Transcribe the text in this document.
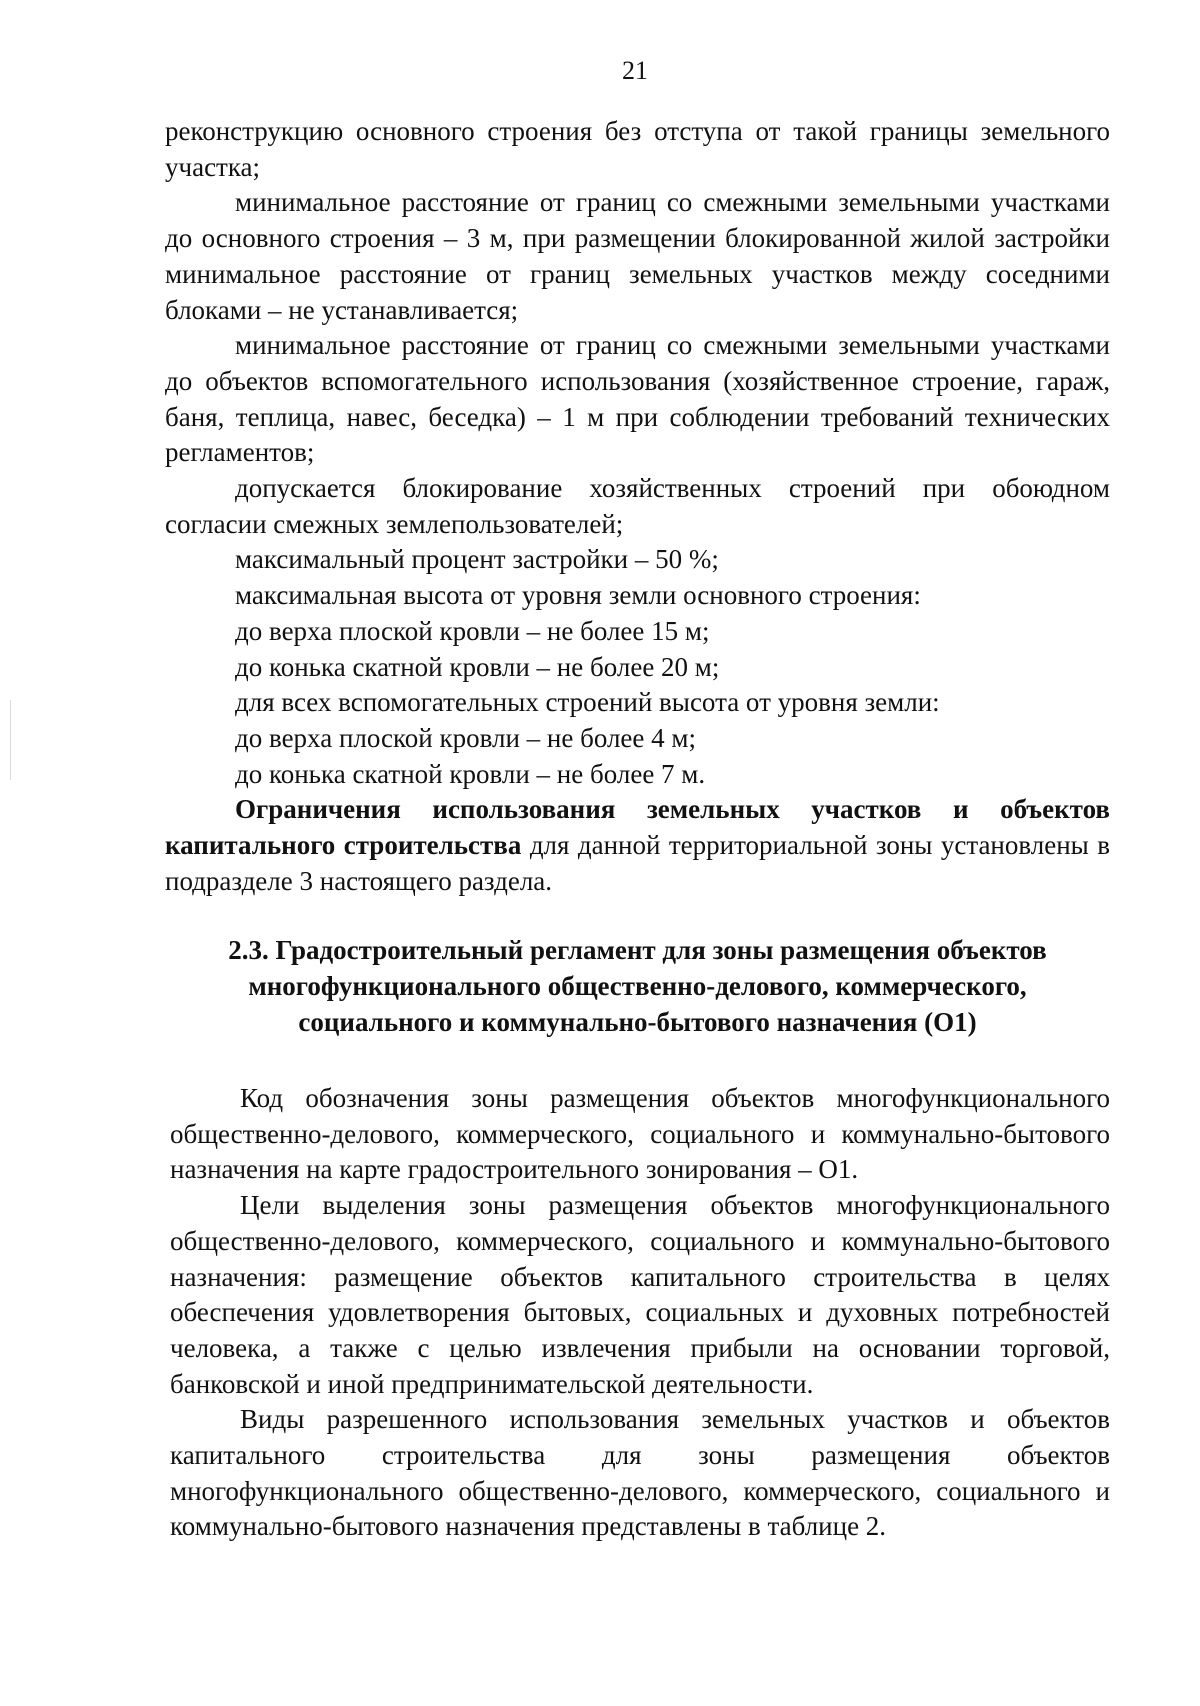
21

реконструкцию основного строения без отступа от такой границы земельного участка;

минимальное расстояние от границ со смежными земельными участками до основного строения – 3 м, при размещении блокированной жилой застройки минимальное расстояние от границ земельных участков между соседними блоками – не устанавливается;

минимальное расстояние от границ со смежными земельными участками до объектов вспомогательного использования (хозяйственное строение, гараж, баня, теплица, навес, беседка) – 1 м при соблюдении требований технических регламентов;

допускается блокирование хозяйственных строений при обоюдном согласии смежных землепользователей;

максимальный процент застройки – 50 %;

максимальная высота от уровня земли основного строения:

до верха плоской кровли – не более 15 м;

до конька скатной кровли – не более 20 м;

для всех вспомогательных строений высота от уровня земли:

до верха плоской кровли – не более 4 м;

до конька скатной кровли – не более 7 м.

Ограничения использования земельных участков и объектов капитального строительства для данной территориальной зоны установлены в подразделе 3 настоящего раздела.

2.3. Градостроительный регламент для зоны размещения объектов
многофункционального общественно-делового, коммерческого,
социального и коммунально-бытового назначения (О1)

Код обозначения зоны размещения объектов многофункционального общественно-делового, коммерческого, социального и коммунально-бытового назначения на карте градостроительного зонирования – О1.

Цели выделения зоны размещения объектов многофункционального общественно-делового, коммерческого, социального и коммунально-бытового назначения: размещение объектов капитального строительства в целях обеспечения удовлетворения бытовых, социальных и духовных потребностей человека, а также с целью извлечения прибыли на основании торговой, банковской и иной предпринимательской деятельности.

Виды разрешенного использования земельных участков и объектов капитального строительства для зоны размещения объектов многофункционального общественно-делового, коммерческого, социального и коммунально-бытового назначения представлены в таблице 2.
